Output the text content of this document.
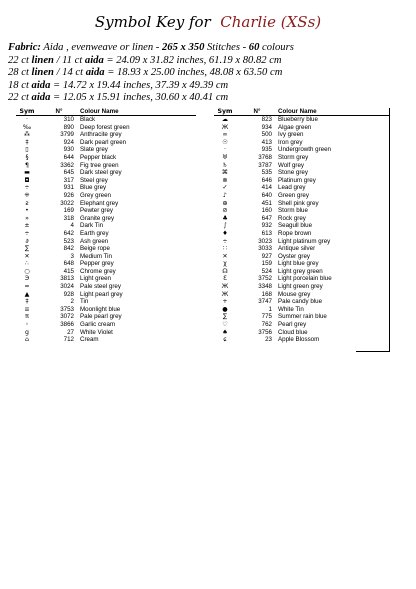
Symbol Key for Charlie (XSs)
Fabric: Aida , evenweave or linen - 265 x 350 Stitches - 60 colours
22 ct linen / 11 ct aida = 24.09 x 31.82 inches, 61.19 x 80.82 cm
28 ct linen / 14 ct aida = 18.93 x 25.00 inches, 48.08 x 63.50 cm
18 ct aida = 14.72 x 19.44 inches, 37.39 x 49.39 cm
22 ct aida = 12.05 x 15.91 inches, 30.60 x 40.41 cm
Sym	N°	Colour Name
·	310 Black
‰	890 Deep forest green
⁂	3799 Anthracite grey
‡	924 Dark pearl green
▯	930 Slate grey
§	644 Pepper black
¶	3362 Fig tree green
▬	645 Dark steel grey
◘	317 Steel grey
÷	931 Blue grey
⁜	926 Grey green
ƨ	3022 Elephant grey
•	169 Pewter grey
»	318 Granite grey
±	4 Dark Tin
÷	642 Earth grey
∂	523 Ash green
∑	842 Beige rope
✕	3 Medium Tin
∴	648 Pepper grey
○	415 Chrome grey
Э	3813 Light green
≈	3024 Pale steel grey
▲	928 Light pearl grey
‡	2 Tin
≡	3753 Moonlight blue
π	3072 Pale pearl grey
◦	3866 Garlic cream
g	27 White Violet
⌂	712 Cream
Sym	N°	Colour Name
☁	823 Blueberry blue
Ӝ	934 Algae green
∞	500 Ivy green
☉	413 Iron grey
·	935 Undergrowth green
♅	3768 Storm grey
♄	3787 Wolf grey
⌘	535 Stone grey
⊗	646 Platinum grey
✓	414 Lead grey
♪	640 Green grey
⊕	451 Shell pink grey
⊘	160 Storm blue
♣	647 Rock grey
∫	932 Seagull blue
♦	613 Rope brown
÷	3023 Light platinum grey
∷	3033 Antique silver
✕	927 Oyster grey
χ	159 Light blue grey
☊	524 Light grey green
Ɛ	3752 Light porcelain blue
Ӂ	3348 Light green grey
Ӂ	168 Mouse grey
+	3747 Pale candy blue
●	1 White Tin
∑	775 Summer rain blue
♡	762 Pearl grey
♠	3756 Cloud blue
ɕ	23 Apple Blossom
